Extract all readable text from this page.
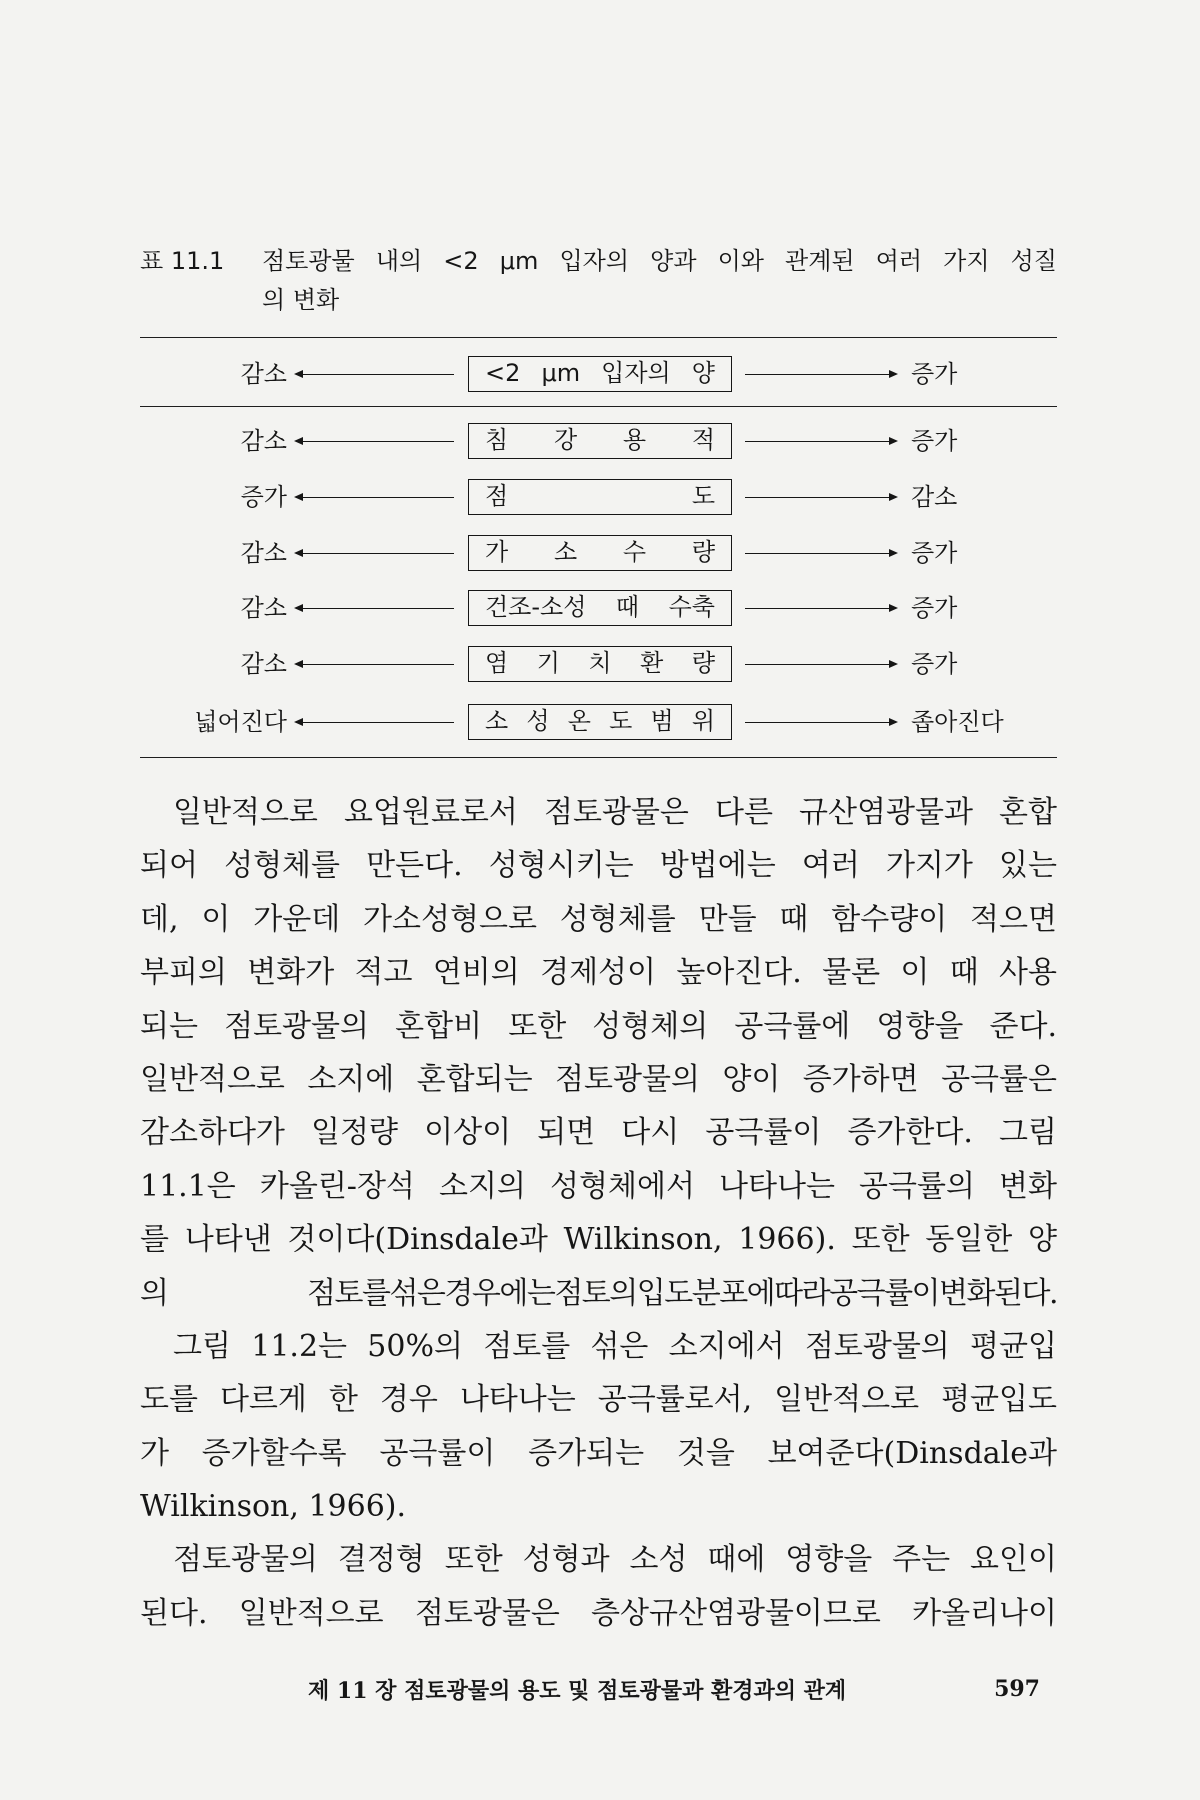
표 11.1 점토광물 내의 <2 μm 입자의 양과 이와 관계된 여러 가지 성질
의 변화
감소	<2 μm 입자의 양	증가
감소	침 강 용 적	증가
증가	점 도	감소
감소	가 소 수 량	증가
감소	건조-소성 때 수축	증가
감소	염 기 치 환 량	증가
넓어진다	소 성 온 도 범 위	좁아진다
일반적으로 요업원료로서 점토광물은 다른 규산염광물과 혼합
되어 성형체를 만든다. 성형시키는 방법에는 여러 가지가 있는
데, 이 가운데 가소성형으로 성형체를 만들 때 함수량이 적으면
부피의 변화가 적고 연비의 경제성이 높아진다. 물론 이 때 사용
되는 점토광물의 혼합비 또한 성형체의 공극률에 영향을 준다.
일반적으로 소지에 혼합되는 점토광물의 양이 증가하면 공극률은
감소하다가 일정량 이상이 되면 다시 공극률이 증가한다. 그림
11.1은 카올린-장석 소지의 성형체에서 나타나는 공극률의 변화
를 나타낸 것이다(Dinsdale과 Wilkinson, 1966). 또한 동일한 양
의 점토를섞은경우에는점토의입도분포에따라공극률이변화된다.
그림 11.2는 50%의 점토를 섞은 소지에서 점토광물의 평균입
도를 다르게 한 경우 나타나는 공극률로서, 일반적으로 평균입도
가 증가할수록 공극률이 증가되는 것을 보여준다(Dinsdale과
Wilkinson, 1966).
점토광물의 결정형 또한 성형과 소성 때에 영향을 주는 요인이
된다. 일반적으로 점토광물은 층상규산염광물이므로 카올리나이
제 11 장 점토광물의 용도 및 점토광물과 환경과의 관계	597
